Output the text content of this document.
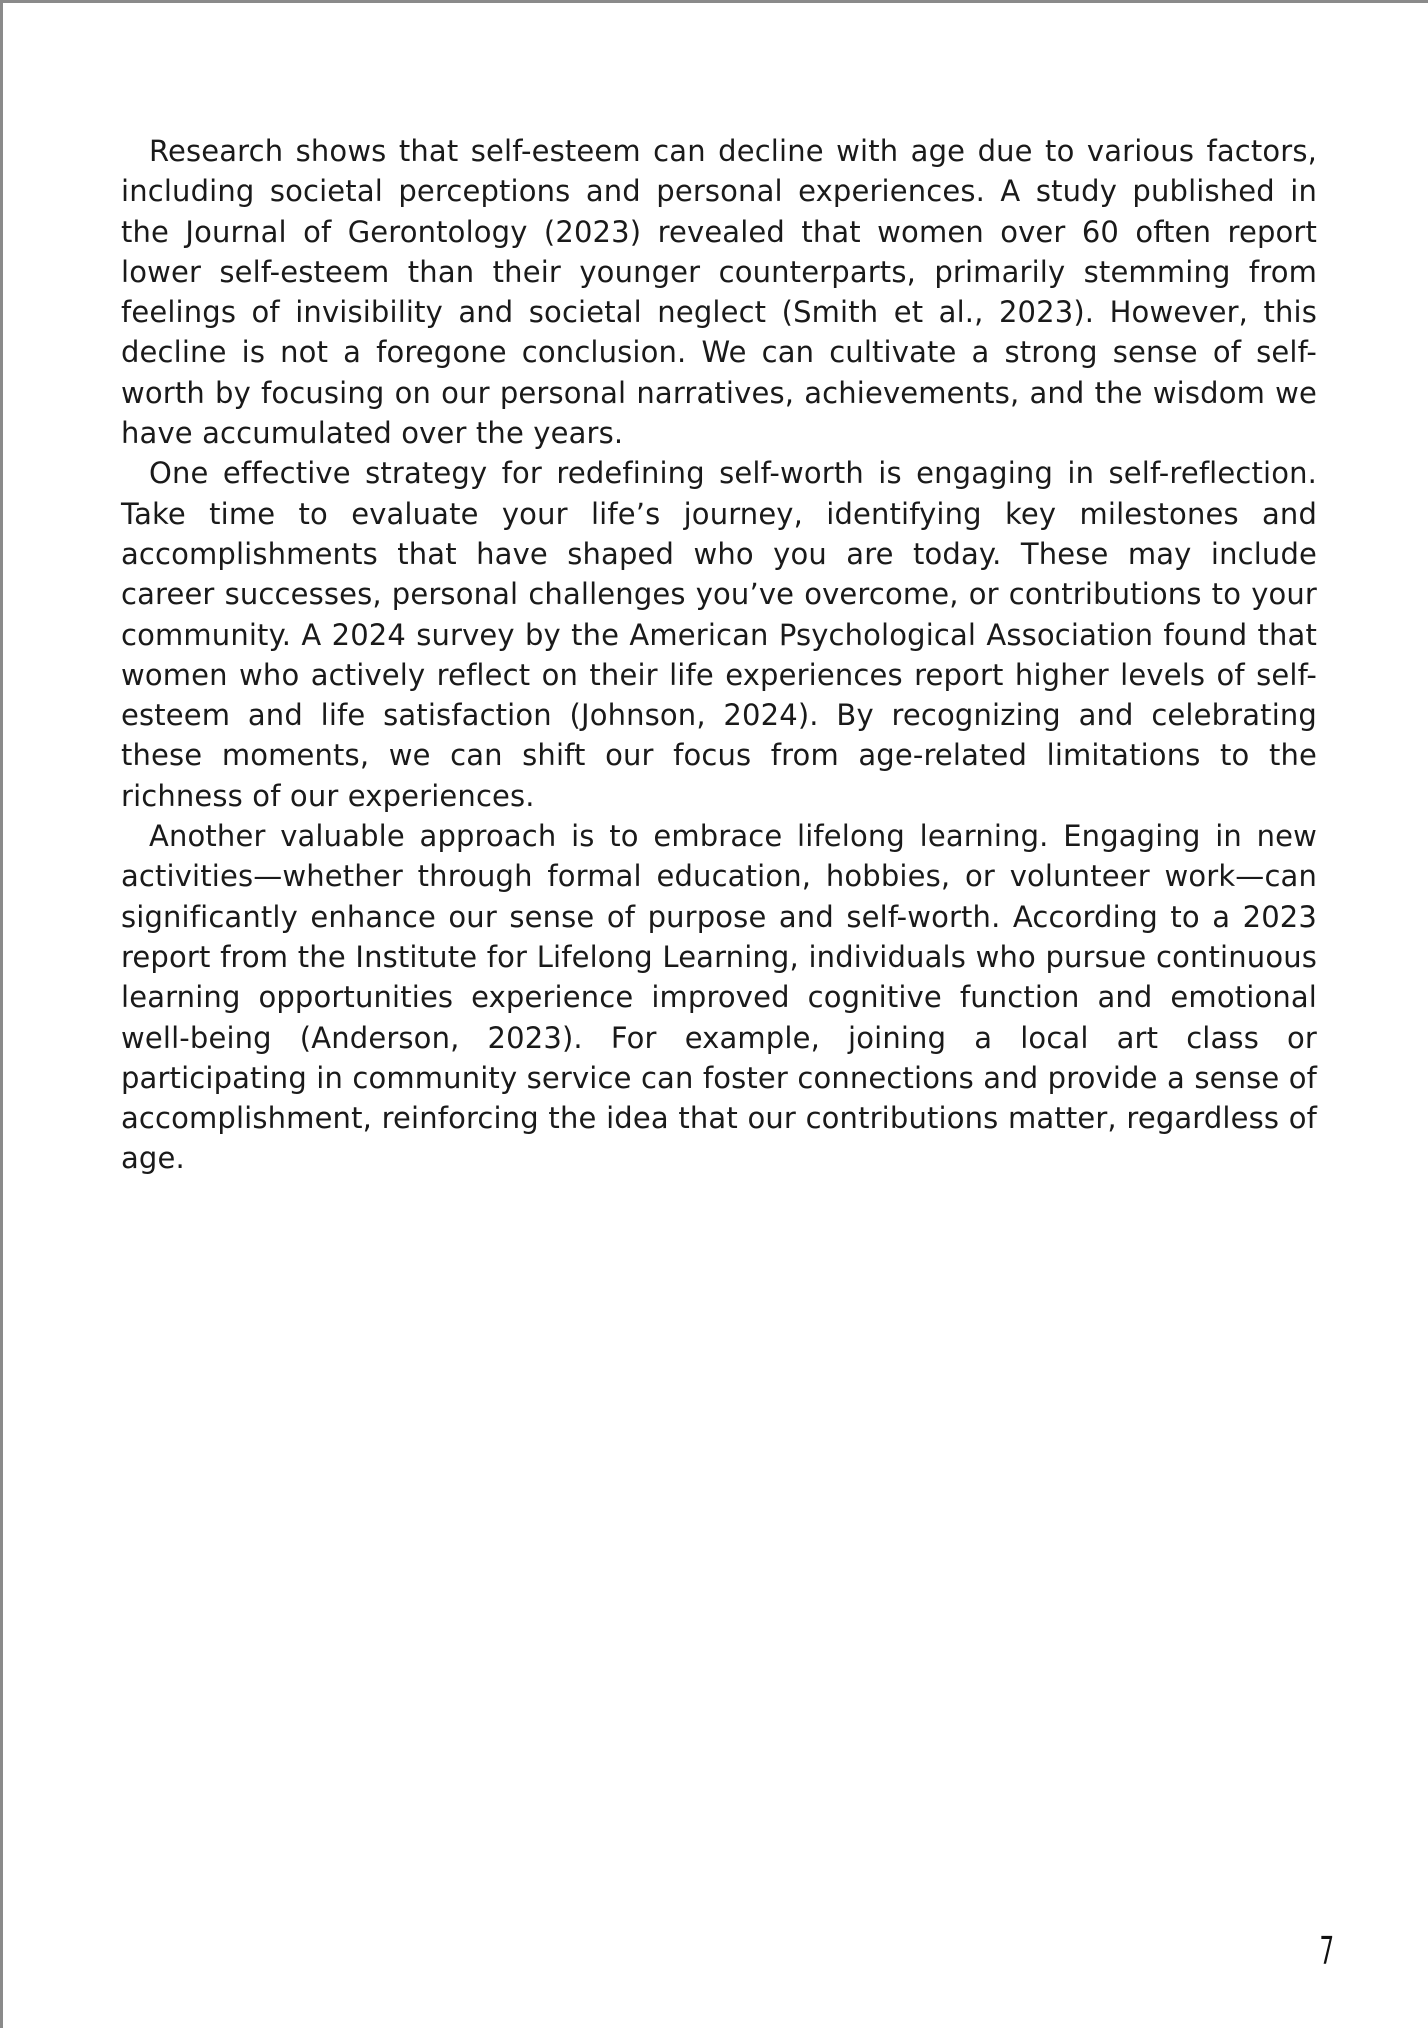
Research shows that self-esteem can decline with age due to various factors, including societal perceptions and personal experiences. A study published in the Journal of Gerontology (2023) revealed that women over 60 often report lower self-esteem than their younger counterparts, primarily stemming from feelings of invisibility and societal neglect (Smith et al., 2023). However, this decline is not a foregone conclusion. We can cultivate a strong sense of self-worth by focusing on our personal narratives, achievements, and the wisdom we have accumulated over the years.

One effective strategy for redefining self-worth is engaging in self-reflection. Take time to evaluate your life’s journey, identifying key milestones and accomplishments that have shaped who you are today. These may include career successes, personal challenges you’ve overcome, or contributions to your community. A 2024 survey by the American Psychological Association found that women who actively reflect on their life experiences report higher levels of self-esteem and life satisfaction (Johnson, 2024). By recognizing and celebrating these moments, we can shift our focus from age-related limitations to the richness of our experiences.

Another valuable approach is to embrace lifelong learning. Engaging in new activities—whether through formal education, hobbies, or volunteer work—can significantly enhance our sense of purpose and self-worth. According to a 2023 report from the Institute for Lifelong Learning, individuals who pursue continuous learning opportunities experience improved cognitive function and emotional well-being (Anderson, 2023). For example, joining a local art class or participating in community service can foster connections and provide a sense of accomplishment, reinforcing the idea that our contributions matter, regardless of age.

7
